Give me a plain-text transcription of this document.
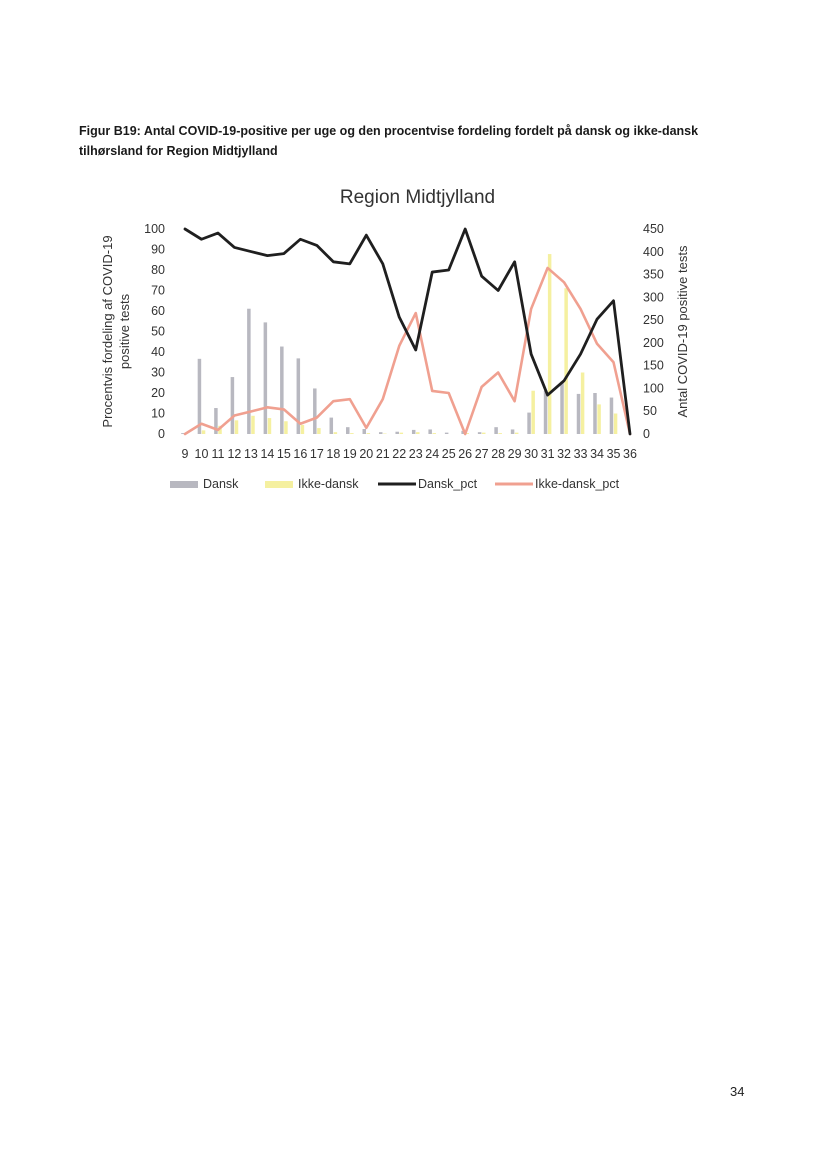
Figur B19: Antal COVID-19-positive per uge og den procentvise fordeling fordelt på dansk og ikke-dansk
tilhørsland for Region Midtjylland
Region Midtjylland
0
10
20
30
40
50
60
70
80
90
100
0
50
100
150
200
250
300
350
400
450
Procentvis fordeling af COVID-19 positive tests	Antal COVID-19 positive tests
9 10 11 12 13 14 15 16 17 18 19 20 21 22 23 24 25 26 27 28 29 30 31 32 33 34 35 36
Dansk	Ikke-dansk	Dansk_pct	Ikke-dansk_pct
34
